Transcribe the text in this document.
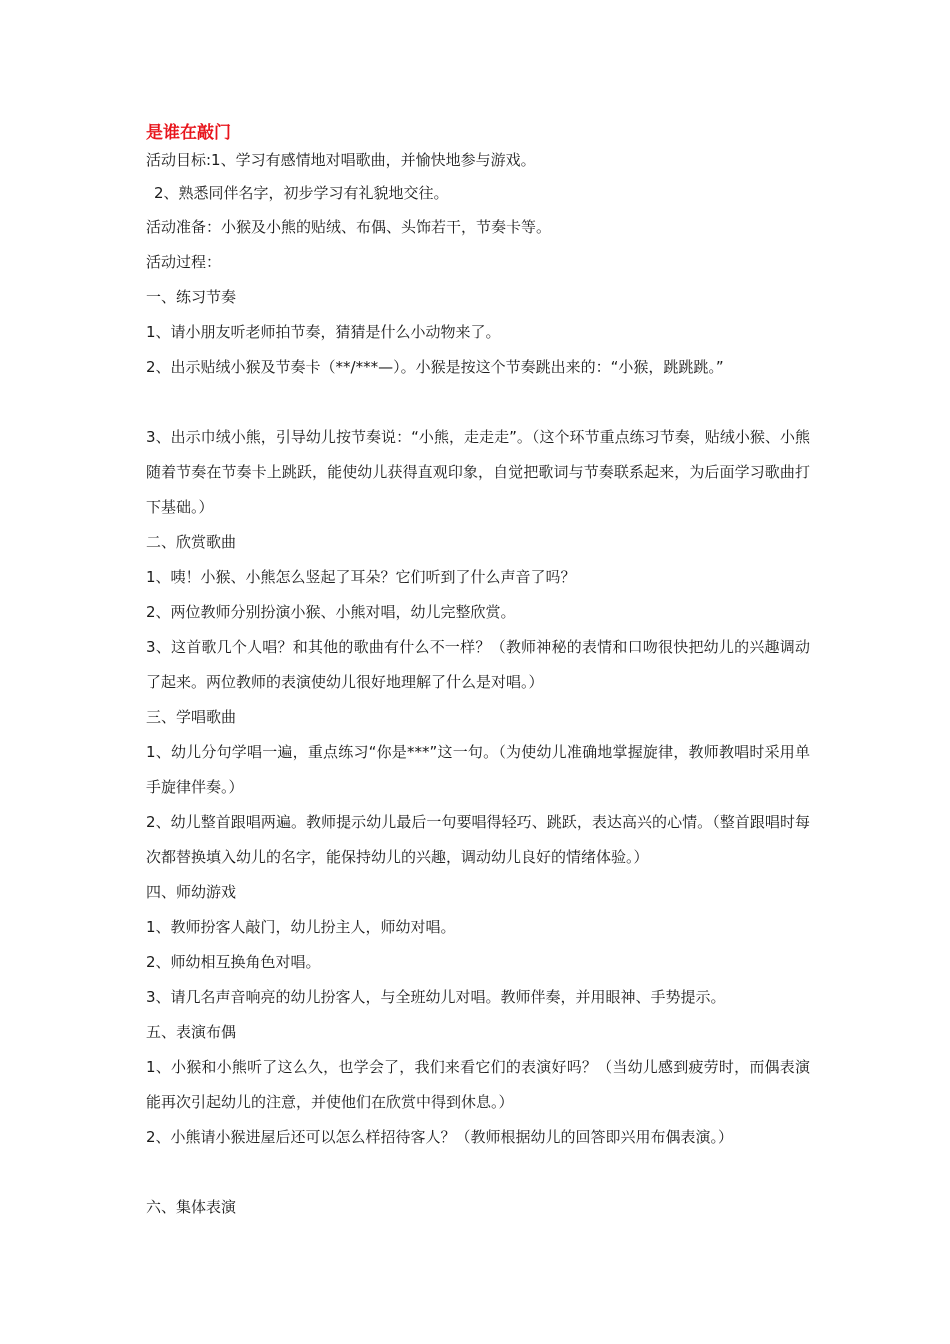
是谁在敲门

活动目标:1、学习有感情地对唱歌曲，并愉快地参与游戏。

2、熟悉同伴名字，初步学习有礼貌地交往。

活动准备：小猴及小熊的贴绒、布偶、头饰若干，节奏卡等。

活动过程：

一、练习节奏

1、请小朋友听老师拍节奏，猜猜是什么小动物来了。

2、出示贴绒小猴及节奏卡（**/***—）。小猴是按这个节奏跳出来的：“小猴，跳跳跳。”

3、出示巾绒小熊，引导幼儿按节奏说：“小熊，走走走”。（这个环节重点练习节奏，贴绒小猴、小熊随着节奏在节奏卡上跳跃，能使幼儿获得直观印象，自觉把歌词与节奏联系起来，为后面学习歌曲打下基础。）

二、欣赏歌曲

1、咦！小猴、小熊怎么竖起了耳朵？它们听到了什么声音了吗？

2、两位教师分别扮演小猴、小熊对唱，幼儿完整欣赏。

3、这首歌几个人唱？和其他的歌曲有什么不一样？（教师神秘的表情和口吻很快把幼儿的兴趣调动了起来。两位教师的表演使幼儿很好地理解了什么是对唱。）

三、学唱歌曲

1、幼儿分句学唱一遍，重点练习“你是***”这一句。（为使幼儿准确地掌握旋律，教师教唱时采用单手旋律伴奏。）

2、幼儿整首跟唱两遍。教师提示幼儿最后一句要唱得轻巧、跳跃，表达高兴的心情。（整首跟唱时每次都替换填入幼儿的名字，能保持幼儿的兴趣，调动幼儿良好的情绪体验。）

四、师幼游戏

1、教师扮客人敲门，幼儿扮主人，师幼对唱。

2、师幼相互换角色对唱。

3、请几名声音响亮的幼儿扮客人，与全班幼儿对唱。教师伴奏，并用眼神、手势提示。

五、表演布偶

1、小猴和小熊听了这么久，也学会了，我们来看它们的表演好吗？（当幼儿感到疲劳时，而偶表演能再次引起幼儿的注意，并使他们在欣赏中得到休息。）

2、小熊请小猴进屋后还可以怎么样招待客人？（教师根据幼儿的回答即兴用布偶表演。）

六、集体表演
